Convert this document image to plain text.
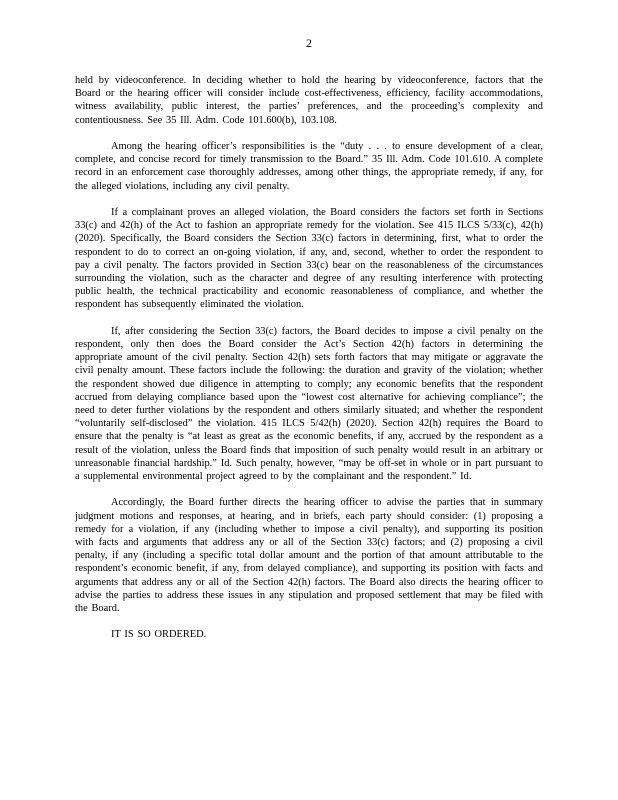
2

held by videoconference. In deciding whether to hold the hearing by videoconference, factors that the Board or the hearing officer will consider include cost-effectiveness, efficiency, facility accommodations, witness availability, public interest, the parties’ preferences, and the proceeding’s complexity and contentiousness. See 35 Ill. Adm. Code 101.600(b), 103.108.

Among the hearing officer’s responsibilities is the “duty . . . to ensure development of a clear, complete, and concise record for timely transmission to the Board.” 35 Ill. Adm. Code 101.610. A complete record in an enforcement case thoroughly addresses, among other things, the appropriate remedy, if any, for the alleged violations, including any civil penalty.

If a complainant proves an alleged violation, the Board considers the factors set forth in Sections 33(c) and 42(h) of the Act to fashion an appropriate remedy for the violation. See 415 ILCS 5/33(c), 42(h) (2020). Specifically, the Board considers the Section 33(c) factors in determining, first, what to order the respondent to do to correct an on-going violation, if any, and, second, whether to order the respondent to pay a civil penalty. The factors provided in Section 33(c) bear on the reasonableness of the circumstances surrounding the violation, such as the character and degree of any resulting interference with protecting public health, the technical practicability and economic reasonableness of compliance, and whether the respondent has subsequently eliminated the violation.

If, after considering the Section 33(c) factors, the Board decides to impose a civil penalty on the respondent, only then does the Board consider the Act’s Section 42(h) factors in determining the appropriate amount of the civil penalty. Section 42(h) sets forth factors that may mitigate or aggravate the civil penalty amount. These factors include the following: the duration and gravity of the violation; whether the respondent showed due diligence in attempting to comply; any economic benefits that the respondent accrued from delaying compliance based upon the “lowest cost alternative for achieving compliance”; the need to deter further violations by the respondent and others similarly situated; and whether the respondent “voluntarily self-disclosed” the violation. 415 ILCS 5/42(h) (2020). Section 42(h) requires the Board to ensure that the penalty is “at least as great as the economic benefits, if any, accrued by the respondent as a result of the violation, unless the Board finds that imposition of such penalty would result in an arbitrary or unreasonable financial hardship.” Id. Such penalty, however, “may be off-set in whole or in part pursuant to a supplemental environmental project agreed to by the complainant and the respondent.” Id.

Accordingly, the Board further directs the hearing officer to advise the parties that in summary judgment motions and responses, at hearing, and in briefs, each party should consider: (1) proposing a remedy for a violation, if any (including whether to impose a civil penalty), and supporting its position with facts and arguments that address any or all of the Section 33(c) factors; and (2) proposing a civil penalty, if any (including a specific total dollar amount and the portion of that amount attributable to the respondent’s economic benefit, if any, from delayed compliance), and supporting its position with facts and arguments that address any or all of the Section 42(h) factors. The Board also directs the hearing officer to advise the parties to address these issues in any stipulation and proposed settlement that may be filed with the Board.

IT IS SO ORDERED.
